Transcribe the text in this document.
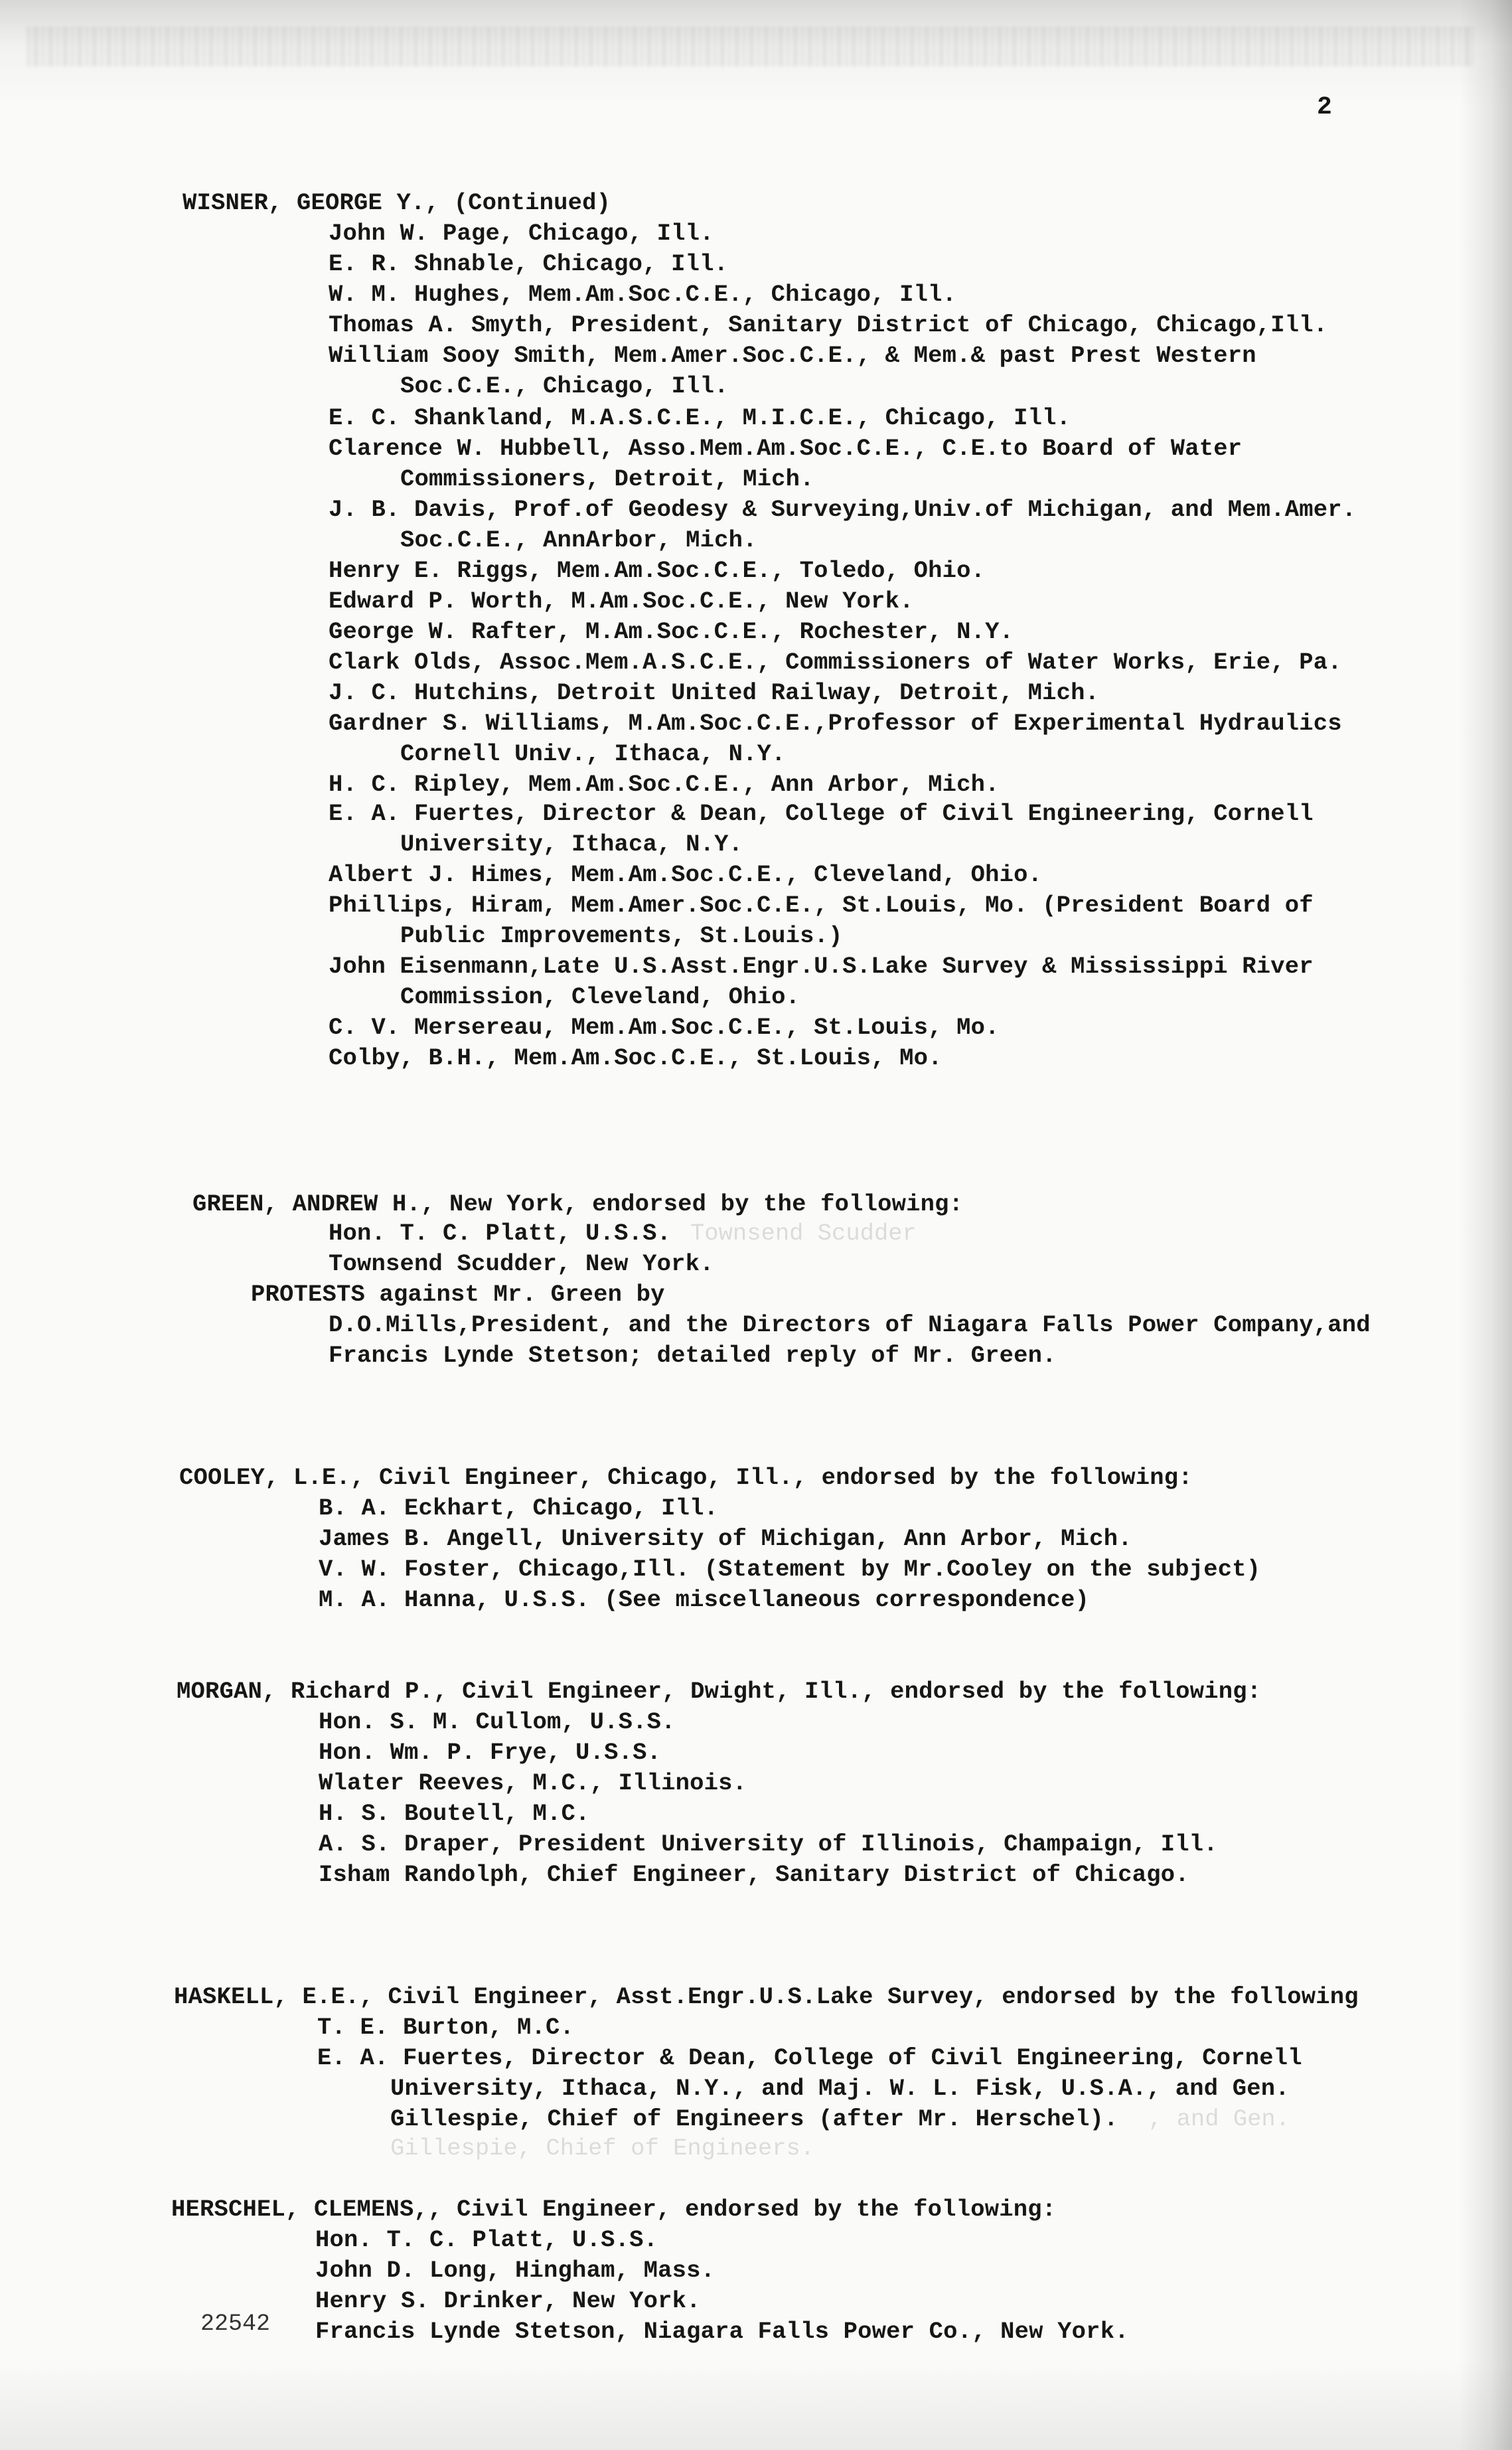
2
WISNER, GEORGE Y., (Continued)
John W. Page, Chicago, Ill.
E. R. Shnable, Chicago, Ill.
W. M. Hughes, Mem.Am.Soc.C.E., Chicago, Ill.
Thomas A. Smyth, President, Sanitary District of Chicago, Chicago,Ill.
William Sooy Smith, Mem.Amer.Soc.C.E., & Mem.& past Prest Western
Soc.C.E., Chicago, Ill.
E. C. Shankland, M.A.S.C.E., M.I.C.E., Chicago, Ill.
Clarence W. Hubbell, Asso.Mem.Am.Soc.C.E., C.E.to Board of Water
Commissioners, Detroit, Mich.
J. B. Davis, Prof.of Geodesy & Surveying,Univ.of Michigan, and Mem.Amer.
Soc.C.E., AnnArbor, Mich.
Henry E. Riggs, Mem.Am.Soc.C.E., Toledo, Ohio.
Edward P. Worth, M.Am.Soc.C.E., New York.
George W. Rafter, M.Am.Soc.C.E., Rochester, N.Y.
Clark Olds, Assoc.Mem.A.S.C.E., Commissioners of Water Works, Erie, Pa.
J. C. Hutchins, Detroit United Railway, Detroit, Mich.
Gardner S. Williams, M.Am.Soc.C.E.,Professor of Experimental Hydraulics
Cornell Univ., Ithaca, N.Y.
H. C. Ripley, Mem.Am.Soc.C.E., Ann Arbor, Mich.
E. A. Fuertes, Director & Dean, College of Civil Engineering, Cornell
University, Ithaca, N.Y.
Albert J. Himes, Mem.Am.Soc.C.E., Cleveland, Ohio.
Phillips, Hiram, Mem.Amer.Soc.C.E., St.Louis, Mo. (President Board of
Public Improvements, St.Louis.)
John Eisenmann,Late U.S.Asst.Engr.U.S.Lake Survey & Mississippi River
Commission, Cleveland, Ohio.
C. V. Mersereau, Mem.Am.Soc.C.E., St.Louis, Mo.
Colby, B.H., Mem.Am.Soc.C.E., St.Louis, Mo.
GREEN, ANDREW H., New York, endorsed by the following:
Hon. T. C. Platt, U.S.S. Townsend Scudder
Townsend Scudder, New York.
PROTESTS against Mr. Green by
D.O.Mills,President, and the Directors of Niagara Falls Power Company,and
Francis Lynde Stetson; detailed reply of Mr. Green.
COOLEY, L.E., Civil Engineer, Chicago, Ill., endorsed by the following:
B. A. Eckhart, Chicago, Ill.
James B. Angell, University of Michigan, Ann Arbor, Mich.
V. W. Foster, Chicago,Ill. (Statement by Mr.Cooley on the subject)
M. A. Hanna, U.S.S. (See miscellaneous correspondence)
MORGAN, Richard P., Civil Engineer, Dwight, Ill., endorsed by the following:
Hon. S. M. Cullom, U.S.S.
Hon. Wm. P. Frye, U.S.S.
Wlater Reeves, M.C., Illinois.
H. S. Boutell, M.C.
A. S. Draper, President University of Illinois, Champaign, Ill.
Isham Randolph, Chief Engineer, Sanitary District of Chicago.
HASKELL, E.E., Civil Engineer, Asst.Engr.U.S.Lake Survey, endorsed by the following
T. E. Burton, M.C.
E. A. Fuertes, Director & Dean, College of Civil Engineering, Cornell
University, Ithaca, N.Y., and Maj. W. L. Fisk, U.S.A., and Gen.
Gillespie, Chief of Engineers (after Mr. Herschel). , and Gen.
Gillespie, Chief of Engineers.
HERSCHEL, CLEMENS,, Civil Engineer, endorsed by the following:
Hon. T. C. Platt, U.S.S.
John D. Long, Hingham, Mass.
Henry S. Drinker, New York.
Francis Lynde Stetson, Niagara Falls Power Co., New York.
22542
